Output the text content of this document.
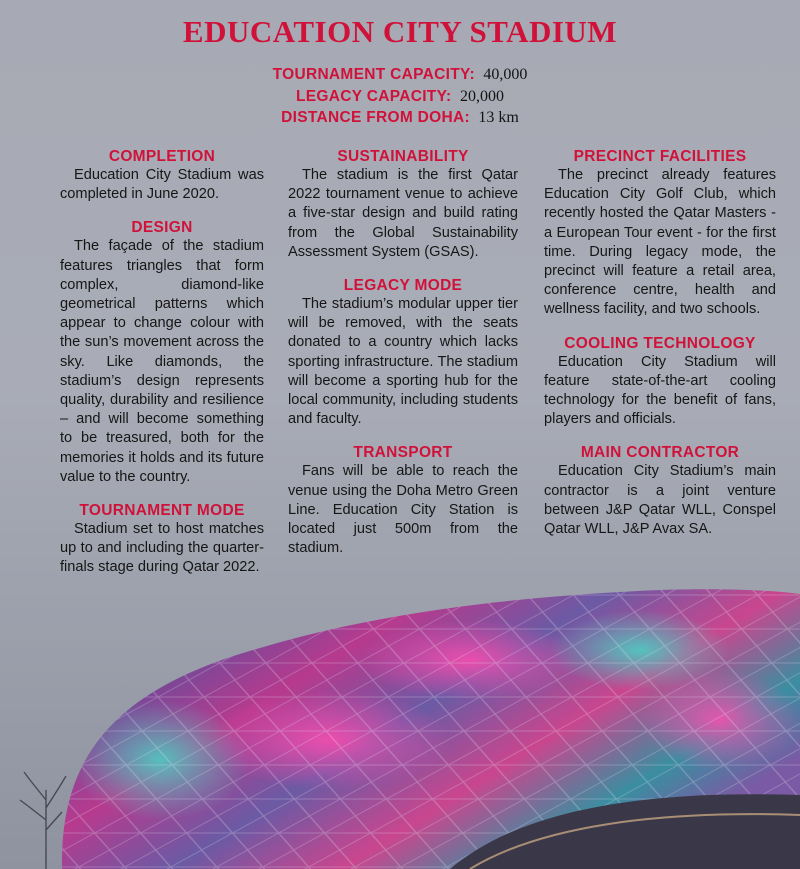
EDUCATION CITY STADIUM
TOURNAMENT CAPACITY: 40,000
LEGACY CAPACITY: 20,000
DISTANCE FROM DOHA: 13 km
COMPLETION

Education City Stadium was completed in June 2020.

DESIGN

The façade of the stadium features triangles that form complex, diamond-like geometrical patterns which appear to change colour with the sun’s movement across the sky. Like diamonds, the stadium’s design represents quality, durability and resilience – and will become something to be treasured, both for the memories it holds and its future value to the country.

TOURNAMENT MODE

Stadium set to host matches up to and including the quarter-finals stage during Qatar 2022.

SUSTAINABILITY

The stadium is the first Qatar 2022 tournament venue to achieve a five-star design and build rating from the Global Sustainability Assessment System (GSAS).

LEGACY MODE

The stadium’s modular upper tier will be removed, with the seats donated to a country which lacks sporting infrastructure. The stadium will become a sporting hub for the local community, including students and faculty.

TRANSPORT

Fans will be able to reach the venue using the Doha Metro Green Line. Education City Station is located just 500m from the stadium.

PRECINCT FACILITIES

The precinct already features Education City Golf Club, which recently hosted the Qatar Masters - a European Tour event - for the first time. During legacy mode, the precinct will feature a retail area, conference centre, health and wellness facility, and two schools.

COOLING TECHNOLOGY

Education City Stadium will feature state-of-the-art cooling technology for the benefit of fans, players and officials.

MAIN CONTRACTOR

Education City Stadium’s main contractor is a joint venture between J&P Qatar WLL, Conspel Qatar WLL, J&P Avax SA.
